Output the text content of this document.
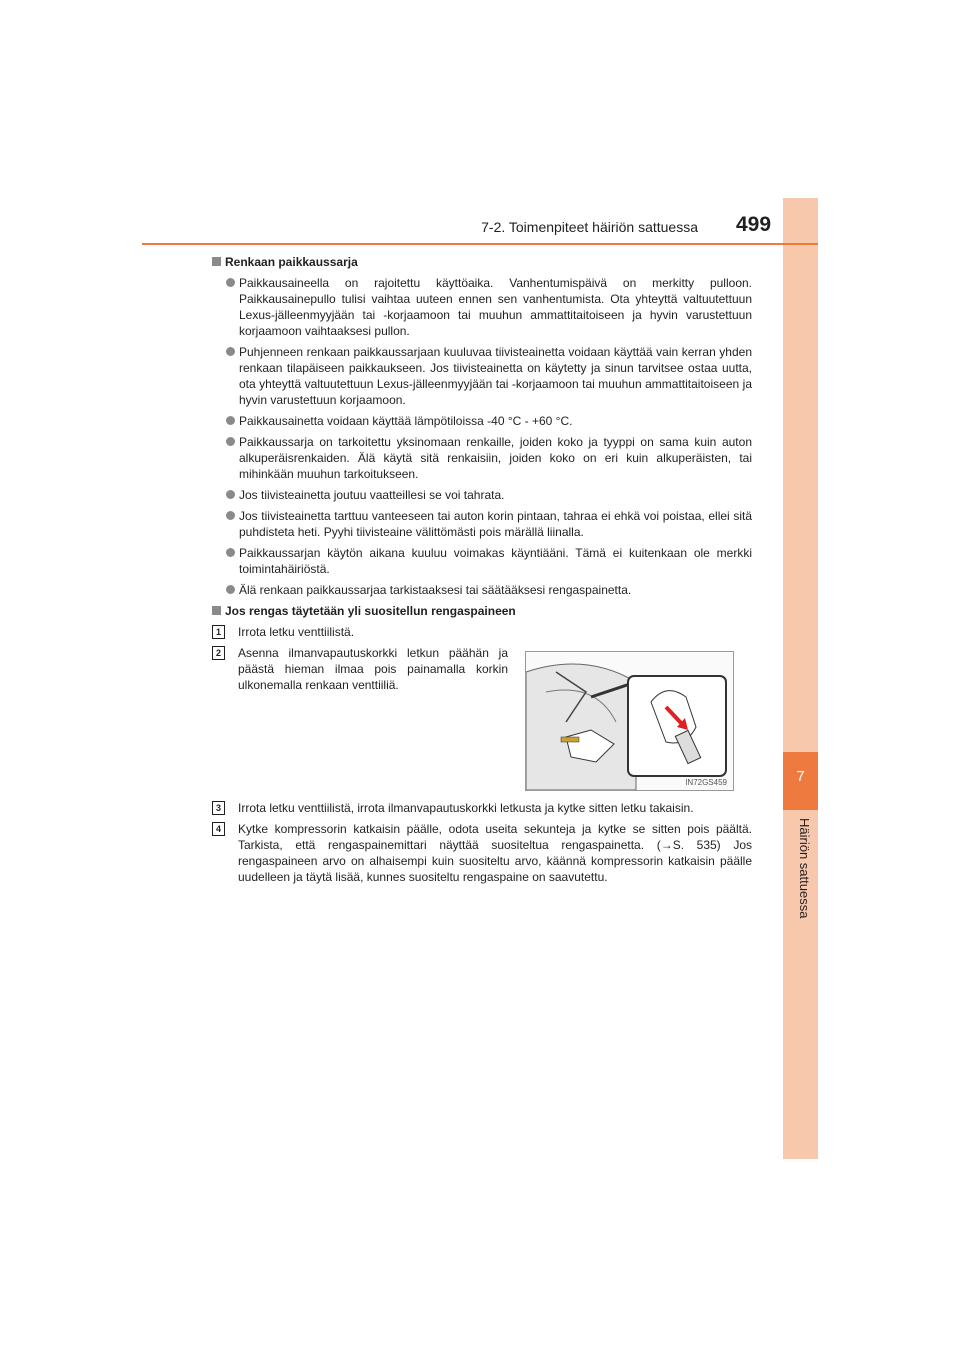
7
Häiriön sattuessa
7-2. Toimenpiteet häiriön sattuessa 499
Renkaan paikkaussarja
Paikkausaineella on rajoitettu käyttöaika. Vanhentumispäivä on merkitty pulloon. Paikkausainepullo tulisi vaihtaa uuteen ennen sen vanhentumista. Ota yhteyttä valtuutettuun Lexus-jälleenmyyjään tai -korjaamoon tai muuhun ammattitaitoiseen ja hyvin varustettuun korjaamoon vaihtaaksesi pullon.
Puhjenneen renkaan paikkaussarjaan kuuluvaa tiivisteainetta voidaan käyttää vain kerran yhden renkaan tilapäiseen paikkaukseen. Jos tiivisteainetta on käytetty ja sinun tarvitsee ostaa uutta, ota yhteyttä valtuutettuun Lexus-jälleenmyyjään tai -korjaamoon tai muuhun ammattitaitoiseen ja hyvin varustettuun korjaamoon.
Paikkausainetta voidaan käyttää lämpötiloissa -40 °C - +60 °C.
Paikkaussarja on tarkoitettu yksinomaan renkaille, joiden koko ja tyyppi on sama kuin auton alkuperäisrenkaiden. Älä käytä sitä renkaisiin, joiden koko on eri kuin alkuperäisten, tai mihinkään muuhun tarkoitukseen.
Jos tiivisteainetta joutuu vaatteillesi se voi tahrata.
Jos tiivisteainetta tarttuu vanteeseen tai auton korin pintaan, tahraa ei ehkä voi poistaa, ellei sitä puhdisteta heti. Pyyhi tiivisteaine välittömästi pois märällä liinalla.
Paikkaussarjan käytön aikana kuuluu voimakas käyntiääni. Tämä ei kuitenkaan ole merkki toimintahäiriöstä.
Älä renkaan paikkaussarjaa tarkistaaksesi tai säätääksesi rengaspainetta.
Jos rengas täytetään yli suositellun rengaspaineen
1	Irrota letku venttiilistä.
2	Asenna ilmanvapautuskorkki letkun päähän ja päästä hieman ilmaa pois painamalla korkin ulkonemalla renkaan venttiiliä.
3	Irrota letku venttiilistä, irrota ilmanvapautuskorkki letkusta ja kytke sitten letku takaisin.
4	Kytke kompressorin katkaisin päälle, odota useita sekunteja ja kytke se sitten pois päältä. Tarkista, että rengaspainemittari näyttää suositeltua rengaspainetta. (→S. 535) Jos rengaspaineen arvo on alhaisempi kuin suositeltu arvo, käännä kompressorin katkaisin päälle uudelleen ja täytä lisää, kunnes suositeltu rengaspaine on saavutettu.
IN72GS459
